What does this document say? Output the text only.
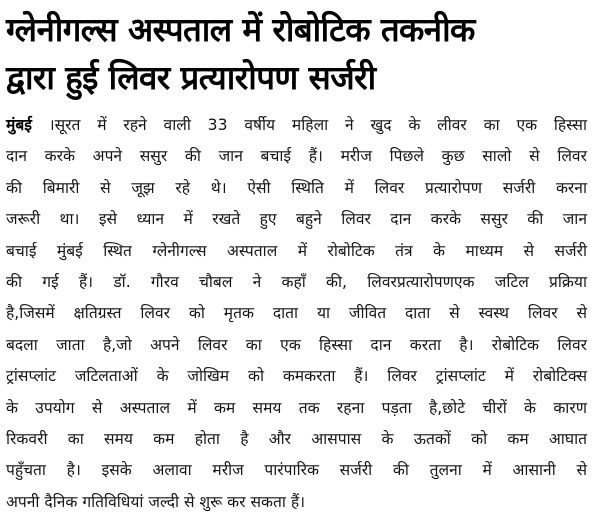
ग्लेनीगल्स अस्पताल में रोबोटिक तकनीक
द्वारा हुई लिवर प्रत्यारोपण सर्जरी
मुंबई ।सूरत में रहने वाली 33 वर्षीय महिला ने खुद के लीवर का एक हिस्सा
दान करके अपने ससुर की जान बचाई हैं। मरीज पिछले कुछ सालो से लिवर
की बिमारी से जूझ रहे थे। ऐसी स्थिति में लिवर प्रत्यारोपण सर्जरी करना
जरूरी था। इसे ध्यान में रखते हुए बहुने लिवर दान करके ससुर की जान
बचाई मुंबई स्थित ग्लेनीगल्स अस्पताल में रोबोटिक तंत्र के माध्यम से सर्जरी
की गई हैं। डॉ. गौरव चौबल ने कहाँ की, लिवरप्रत्यारोपणएक जटिल प्रक्रिया
है,जिसमें क्षतिग्रस्त लिवर को मृतक दाता या जीवित दाता से स्वस्थ लिवर से
बदला जाता है,जो अपने लिवर का एक हिस्सा दान करता है। रोबोटिक लिवर
ट्रांसप्लांट जटिलताओं के जोखिम को कमकरता हैं। लिवर ट्रांसप्लांट में रोबोटिक्स
के उपयोग से अस्पताल में कम समय तक रहना पड़ता है,छोटे चीरों के कारण
रिकवरी का समय कम होता है और आसपास के ऊतकों को कम आघात
पहुँचता है। इसके अलावा मरीज पारंपारिक सर्जरी की तुलना में आसानी से
अपनी दैनिक गतिविधियां जल्दी से शुरू कर सकता हैं।
